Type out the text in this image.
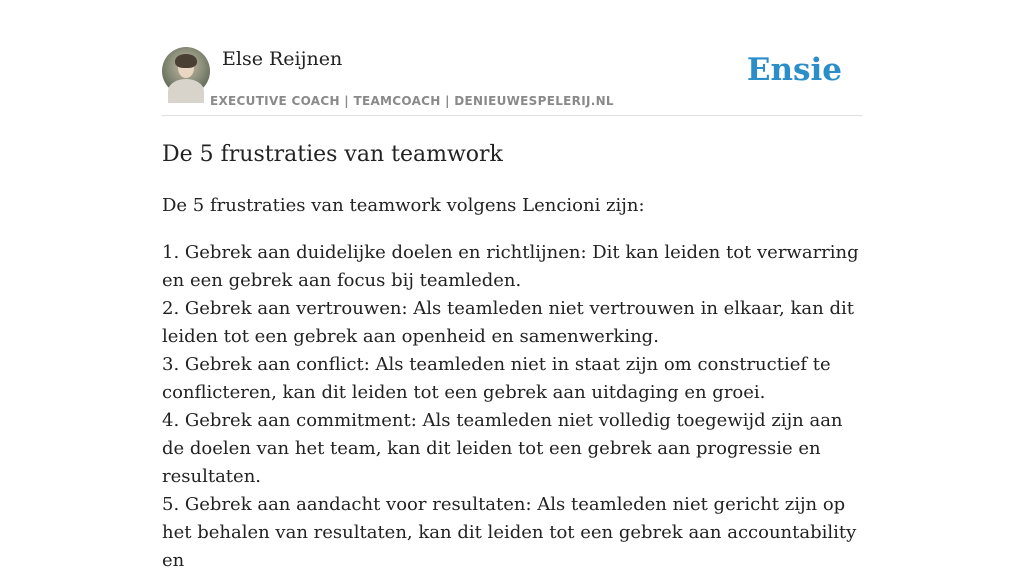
Else Reijnen
EXECUTIVE COACH | TEAMCOACH | DENIEUWESPELERIJ.NL
Ensie
De 5 frustraties van teamwork

De 5 frustraties van teamwork volgens Lencioni zijn:

1. Gebrek aan duidelijke doelen en richtlijnen: Dit kan leiden tot verwarring en een gebrek aan focus bij teamleden.
2. Gebrek aan vertrouwen: Als teamleden niet vertrouwen in elkaar, kan dit leiden tot een gebrek aan openheid en samenwerking.
3. Gebrek aan conflict: Als teamleden niet in staat zijn om constructief te conflicteren, kan dit leiden tot een gebrek aan uitdaging en groei.
4. Gebrek aan commitment: Als teamleden niet volledig toegewijd zijn aan de doelen van het team, kan dit leiden tot een gebrek aan progressie en resultaten.
5. Gebrek aan aandacht voor resultaten: Als teamleden niet gericht zijn op het behalen van resultaten, kan dit leiden tot een gebrek aan accountability en
